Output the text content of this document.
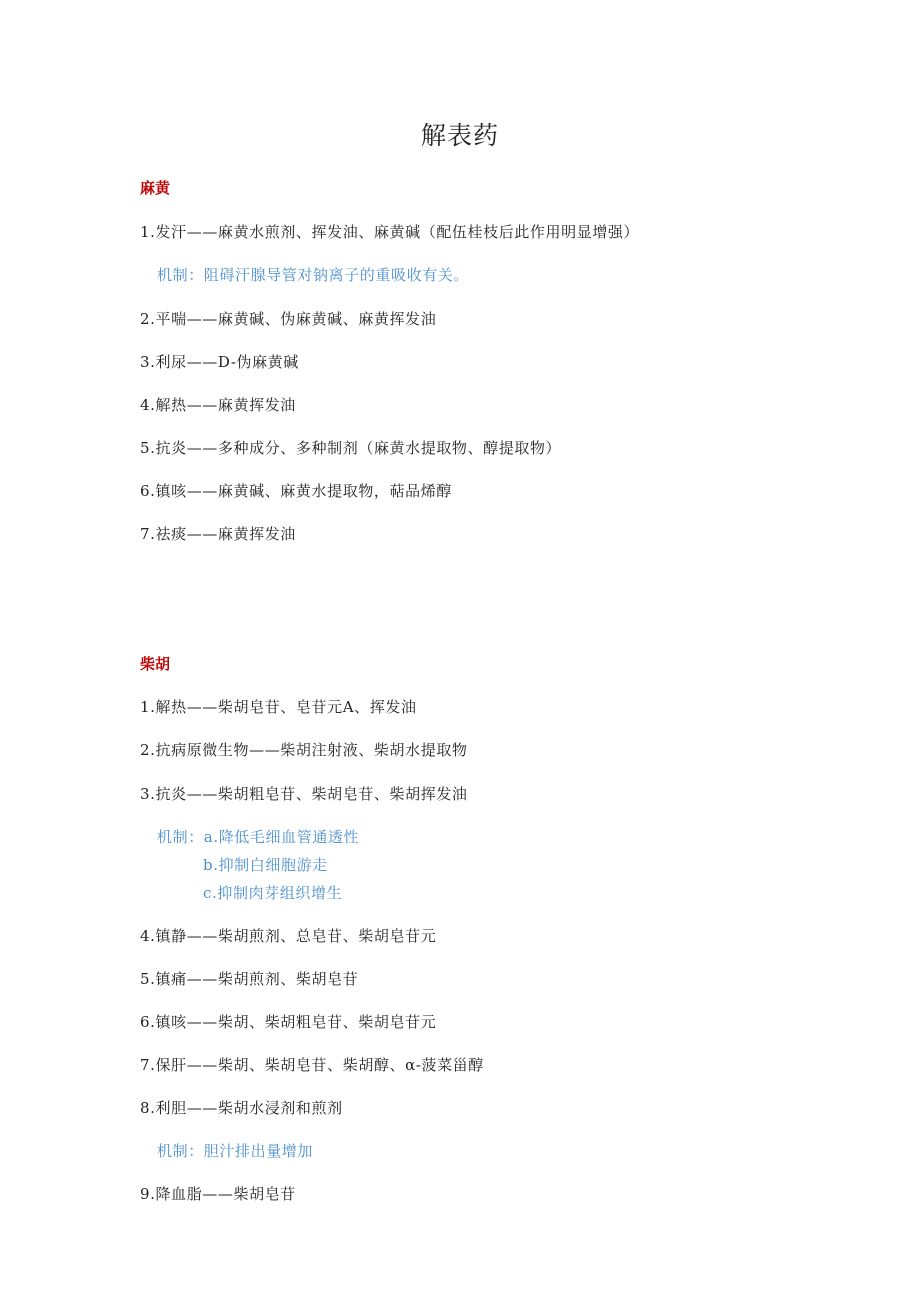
解表药
麻黄
1.发汗——麻黄水煎剂、挥发油、麻黄碱（配伍桂枝后此作用明显增强）
机制：阻碍汗腺导管对钠离子的重吸收有关。
2.平喘——麻黄碱、伪麻黄碱、麻黄挥发油
3.利尿——D-伪麻黄碱
4.解热——麻黄挥发油
5.抗炎——多种成分、多种制剂（麻黄水提取物、醇提取物）
6.镇咳——麻黄碱、麻黄水提取物，萜品烯醇
7.祛痰——麻黄挥发油
柴胡
1.解热——柴胡皂苷、皂苷元A、挥发油
2.抗病原微生物——柴胡注射液、柴胡水提取物
3.抗炎——柴胡粗皂苷、柴胡皂苷、柴胡挥发油
机制：a.降低毛细血管通透性
b.抑制白细胞游走
c.抑制肉芽组织增生
4.镇静——柴胡煎剂、总皂苷、柴胡皂苷元
5.镇痛——柴胡煎剂、柴胡皂苷
6.镇咳——柴胡、柴胡粗皂苷、柴胡皂苷元
7.保肝——柴胡、柴胡皂苷、柴胡醇、α-菠菜甾醇
8.利胆——柴胡水浸剂和煎剂
机制：胆汁排出量增加
9.降血脂——柴胡皂苷
